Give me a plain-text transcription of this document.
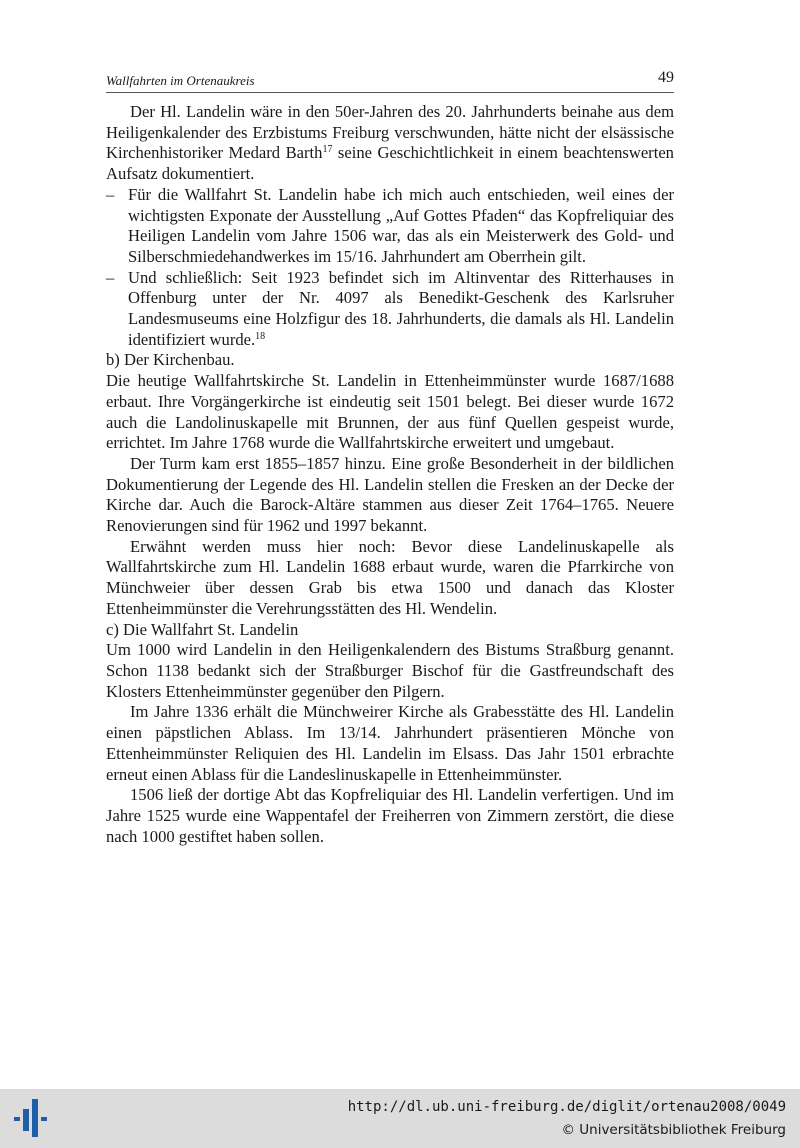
Wallfahrten im Ortenaukreis	49

Der Hl. Landelin wäre in den 50er-Jahren des 20. Jahrhunderts beinahe aus dem Heiligenkalender des Erzbistums Freiburg verschwunden, hätte nicht der elsässische Kirchenhistoriker Medard Barth$^{17}$ seine Geschichtlichkeit in einem beachtenswerten Aufsatz dokumentiert.

– Für die Wallfahrt St. Landelin habe ich mich auch entschieden, weil eines der wichtigsten Exponate der Ausstellung „Auf Gottes Pfaden“ das Kopfreliquiar des Heiligen Landelin vom Jahre 1506 war, das als ein Meisterwerk des Gold- und Silberschmiedehandwerkes im 15/16. Jahrhundert am Oberrhein gilt.
– Und schließlich: Seit 1923 befindet sich im Altinventar des Ritterhauses in Offenburg unter der Nr. 4097 als Benedikt-Geschenk des Karlsruher Landesmuseums eine Holzfigur des 18. Jahrhunderts, die damals als Hl. Landelin identifiziert wurde.$^{18}$

b) Der Kirchenbau.

Die heutige Wallfahrtskirche St. Landelin in Ettenheimmünster wurde 1687/1688 erbaut. Ihre Vorgängerkirche ist eindeutig seit 1501 belegt. Bei dieser wurde 1672 auch die Landolinuskapelle mit Brunnen, der aus fünf Quellen gespeist wurde, errichtet. Im Jahre 1768 wurde die Wallfahrtskirche erweitert und umgebaut.

Der Turm kam erst 1855–1857 hinzu. Eine große Besonderheit in der bildlichen Dokumentierung der Legende des Hl. Landelin stellen die Fresken an der Decke der Kirche dar. Auch die Barock-Altäre stammen aus dieser Zeit 1764–1765. Neuere Renovierungen sind für 1962 und 1997 bekannt.

Erwähnt werden muss hier noch: Bevor diese Landelinuskapelle als Wallfahrtskirche zum Hl. Landelin 1688 erbaut wurde, waren die Pfarrkirche von Münchweier über dessen Grab bis etwa 1500 und danach das Kloster Ettenheimmünster die Verehrungsstätten des Hl. Wendelin.

c) Die Wallfahrt St. Landelin

Um 1000 wird Landelin in den Heiligenkalendern des Bistums Straßburg genannt. Schon 1138 bedankt sich der Straßburger Bischof für die Gastfreundschaft des Klosters Ettenheimmünster gegenüber den Pilgern.

Im Jahre 1336 erhält die Münchweirer Kirche als Grabesstätte des Hl. Landelin einen päpstlichen Ablass. Im 13/14. Jahrhundert präsentieren Mönche von Ettenheimmünster Reliquien des Hl. Landelin im Elsass. Das Jahr 1501 erbrachte erneut einen Ablass für die Landeslinuskapelle in Ettenheimmünster.

1506 ließ der dortige Abt das Kopfreliquiar des Hl. Landelin verfertigen. Und im Jahre 1525 wurde eine Wappentafel der Freiherren von Zimmern zerstört, die diese nach 1000 gestiftet haben sollen.

http://dl.ub.uni-freiburg.de/diglit/ortenau2008/0049
© Universitätsbibliothek Freiburg
